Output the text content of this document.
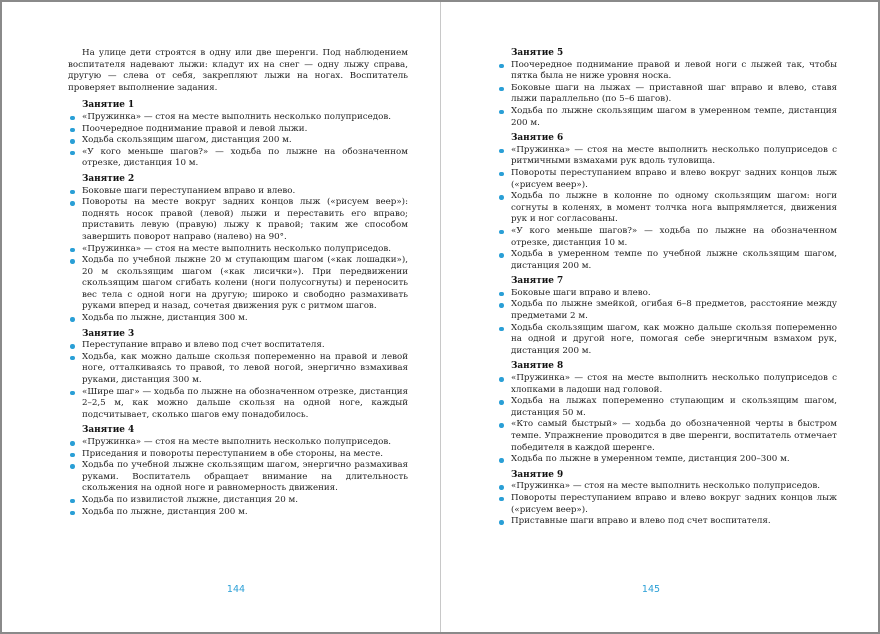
На улице дети строятся в одну или две шеренги. Под наблюдением воспитателя надевают лыжи: кладут их на снег — одну лыжу справа, другую — слева от себя, закрепляют лыжи на ногах. Воспитатель проверяет выполнение задания.

Занятие 1
«Пружинка» — стоя на месте выполнить несколько полуприседов.
Поочередное поднимание правой и левой лыжи.
Ходьба скользящим шагом, дистанция 200 м.
«У кого меньше шагов?» — ходьба по лыжне на обозначенном отрезке, дистанция 10 м.
Занятие 2
Боковые шаги переступанием вправо и влево.
Повороты на месте вокруг задних концов лыж («рисуем веер»): поднять носок правой (левой) лыжи и переставить его вправо; приставить левую (правую) лыжу к правой; таким же способом завершить поворот направо (налево) на 90°.
«Пружинка» — стоя на месте выполнить несколько полуприседов.
Ходьба по учебной лыжне 20 м ступающим шагом («как лошадки»), 20 м скользящим шагом («как лисички»). При передвижении скользящим шагом сгибать колени (ноги полусогнуты) и переносить вес тела с одной ноги на другую; широко и свободно размахивать руками вперед и назад, сочетая движения рук с ритмом шагов.
Ходьба по лыжне, дистанция 300 м.
Занятие 3
Переступание вправо и влево под счет воспитателя.
Ходьба, как можно дальше скользя попеременно на правой и левой ноге, отталкиваясь то правой, то левой ногой, энергично взмахивая руками, дистанция 300 м.
«Шире шаг» — ходьба по лыжне на обозначенном отрезке, дистанция 2–2,5 м, как можно дальше скользя на одной ноге, каждый подсчитывает, сколько шагов ему понадобилось.
Занятие 4
«Пружинка» — стоя на месте выполнить несколько полуприседов.
Приседания и повороты переступанием в обе стороны, на месте.
Ходьба по учебной лыжне скользящим шагом, энергично размахивая руками. Воспитатель обращает внимание на длительность скольжения на одной ноге и равномерность движения.
Ходьба по извилистой лыжне, дистанция 20 м.
Ходьба по лыжне, дистанция 200 м.
144
Занятие 5
Поочередное поднимание правой и левой ноги с лыжей так, чтобы пятка была не ниже уровня носка.
Боковые шаги на лыжах — приставной шаг вправо и влево, ставя лыжи параллельно (по 5–6 шагов).
Ходьба по лыжне скользящим шагом в умеренном темпе, дистанция 200 м.
Занятие 6
«Пружинка» — стоя на месте выполнить несколько полуприседов с ритмичными взмахами рук вдоль туловища.
Повороты переступанием вправо и влево вокруг задних концов лыж («рисуем веер»).
Ходьба по лыжне в колонне по одному скользящим шагом: ноги согнуты в коленях, в момент толчка нога выпрямляется, движения рук и ног согласованы.
«У кого меньше шагов?» — ходьба по лыжне на обозначенном отрезке, дистанция 10 м.
Ходьба в умеренном темпе по учебной лыжне скользящим шагом, дистанция 200 м.
Занятие 7
Боковые шаги вправо и влево.
Ходьба по лыжне змейкой, огибая 6–8 предметов, расстояние между предметами 2 м.
Ходьба скользящим шагом, как можно дальше скользя попеременно на одной и другой ноге, помогая себе энергичным взмахом рук, дистанция 200 м.
Занятие 8
«Пружинка» — стоя на месте выполнить несколько полуприседов с хлопками в ладоши над головой.
Ходьба на лыжах попеременно ступающим и скользящим шагом, дистанция 50 м.
«Кто самый быстрый» — ходьба до обозначенной черты в быстром темпе. Упражнение проводится в две шеренги, воспитатель отмечает победителя в каждой шеренге.
Ходьба по лыжне в умеренном темпе, дистанция 200–300 м.
Занятие 9
«Пружинка» — стоя на месте выполнить несколько полуприседов.
Повороты переступанием вправо и влево вокруг задних концов лыж («рисуем веер»).
Приставные шаги вправо и влево под счет воспитателя.
145
